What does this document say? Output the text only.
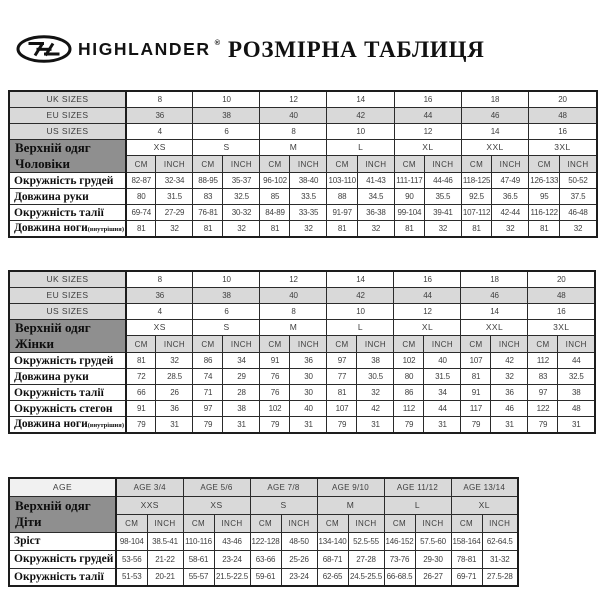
HIGHLANDER ® РОЗМІРНА ТАБЛИЦЯ
UK SIZES	8		10		12		14		16		18		20	
EU SIZES	36		38		40		42		44		46		48	
US SIZES	4		6		8		10		12		14		16	

Верхній одяг
Чоловіки	XS		S		M		L		XL		XXL		3XL	
	CM	INCH	CM	INCH	CM	INCH	CM	INCH	CM	INCH	CM	INCH	CM	INCH
Окружність грудей	82-87	32-34	88-95	35-37	96-102	38-40	103-110	41-43	111-117	44-46	118-125	47-49	126-133	50-52
Довжина руки	80	31.5	83	32.5	85	33.5	88	34.5	90	35.5	92.5	36.5	95	37.5
Окружність талії	69-74	27-29	76-81	30-32	84-89	33-35	91-97	36-38	99-104	39-41	107-112	42-44	116-122	46-48
Довжина ноги(внутрішня)	81	32	81	32	81	32	81	32	81	32	81	32	81	32
UK SIZES	8		10		12		14		16		18		20	
EU SIZES	36		38		40		42		44		46		48	
US SIZES	4		6		8		10		12		14		16	

Верхній одяг
Жінки	XS		S		M		L		XL		XXL		3XL	
	CM	INCH	CM	INCH	CM	INCH	CM	INCH	CM	INCH	CM	INCH	CM	INCH
Окружність грудей	81	32	86	34	91	36	97	38	102	40	107	42	112	44
Довжина руки	72	28.5	74	29	76	30	77	30.5	80	31.5	81	32	83	32.5
Окружність талії	66	26	71	28	76	30	81	32	86	34	91	36	97	38
Окружність стегон	91	36	97	38	102	40	107	42	112	44	117	46	122	48
Довжина ноги(внутрішня)	79	31	79	31	79	31	79	31	79	31	79	31	79	31
AGE	AGE 3/4		AGE 5/6		AGE 7/8		AGE 9/10		AGE 11/12		AGE 13/14	

Верхній одяг
Діти	XXS		XS		S		M		L		XL	
	CM	INCH	CM	INCH	CM	INCH	CM	INCH	CM	INCH	CM	INCH
Зріст	98-104	38.5-41	110-116	43-46	122-128	48-50	134-140	52.5-55	146-152	57.5-60	158-164	62-64.5
Окружність грудей	53-56	21-22	58-61	23-24	63-66	25-26	68-71	27-28	73-76	29-30	78-81	31-32
Окружність талії	51-53	20-21	55-57	21.5-22.5	59-61	23-24	62-65	24.5-25.5	66-68.5	26-27	69-71	27.5-28
